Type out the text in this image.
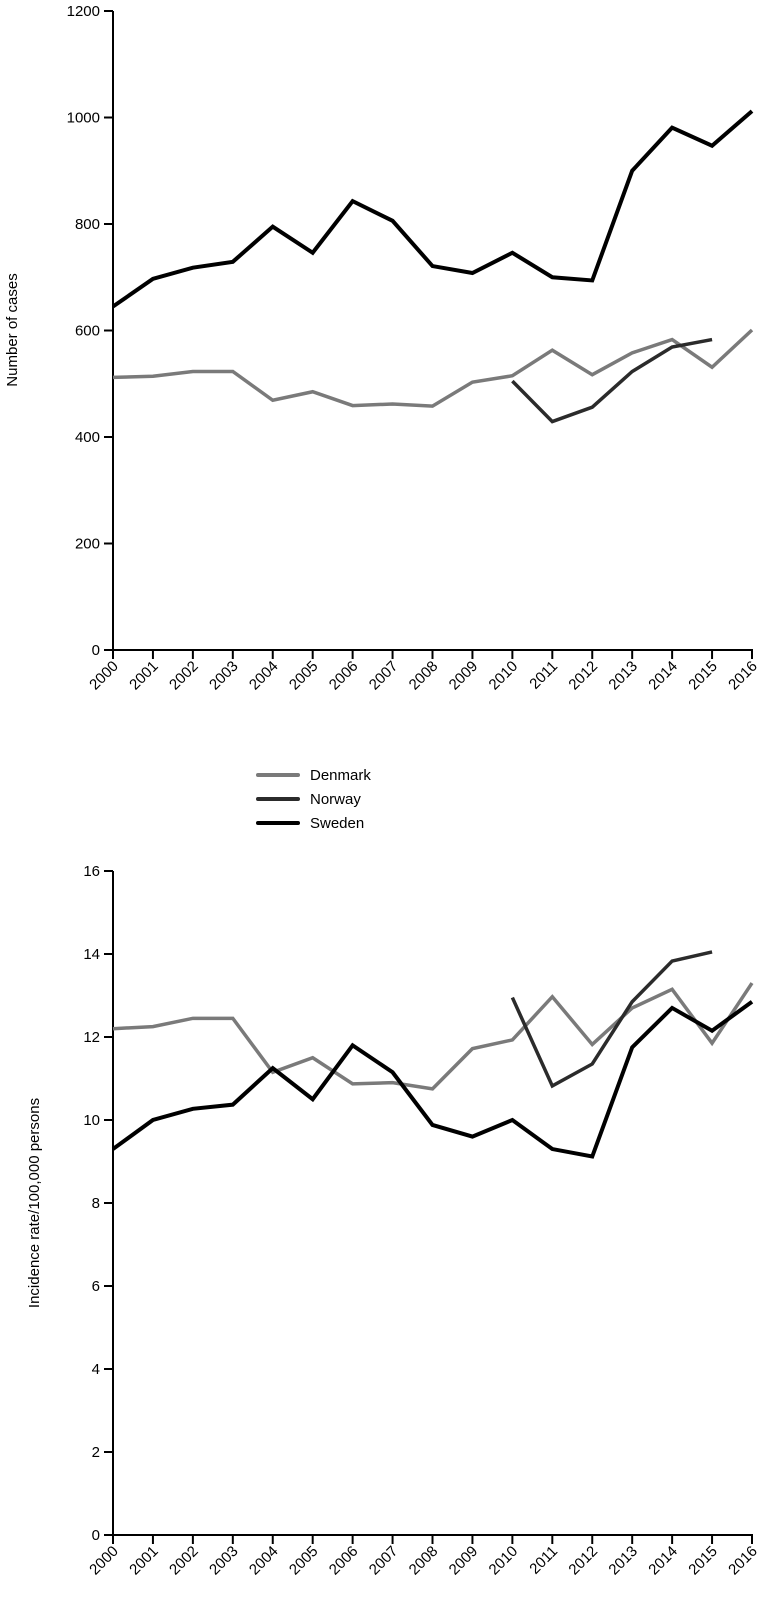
0
200
400
600
800
1000
1200
2000 2001 2002 2003 2004 2005 2006 2007 2008 2009 2010 2011 2012 2013 2014 2015 2016
Number of cases
Denmark
Norway
Sweden
0
2
4
6
8
10
12
14
16
2000 2001 2002 2003 2004 2005 2006 2007 2008 2009 2010 2011 2012 2013 2014 2015 2016
Incidence rate/100,000 persons
